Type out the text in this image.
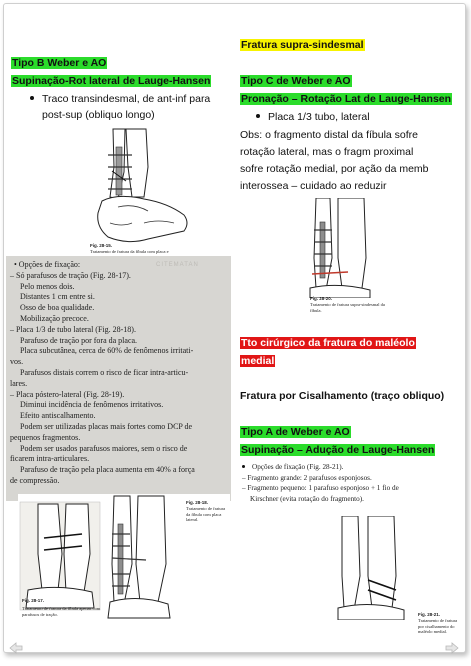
Tipo B Weber e AO
Supinação-Rot lateral de Lauge-Hansen
Traco transindesmal, de ant-inf para
post-sup (obliquo longo)
Fig. 28-15.
Tratamento de fratura da fíbula com placa e
CITEMATAN
• Opções de fixação:
– Só parafusos de tração (Fig. 28-17).
Pelo menos dois.
Distantes 1 cm entre si.
Osso de boa qualidade.
Mobilização precoce.
– Placa 1/3 de tubo lateral (Fig. 28-18).
Parafuso de tração por fora da placa.
Placa subcutânea, cerca de 60% de fenômenos irritati-
vos.
Parafusos distais correm o risco de ficar intra-articu-
lares.
– Placa póstero-lateral (Fig. 28-19).
Diminui incidência de fenômenos irritativos.
Efeito antiscalhamento.
Podem ser utilizadas placas mais fortes como DCP de
pequenos fragmentos.
Podem ser usados parafusos maiores, sem o risco de
ficarem intra-articulares.
Parafuso de tração pela placa aumenta em 40% a força
de compressão.
Fig. 28-18.
Tratamento de fratura da fíbula com placa lateral.
Fig. 28-17.
Tratamento de fratura da fíbula apenas com parafusos de tração.
Fratura supra-sindesmal
Tipo C de Weber e AO
Pronação – Rotação Lat de Lauge-Hansen
Placa 1/3 tubo, lateral
Obs: o fragmento distal da fíbula sofre
rotação lateral, mas o fragm proximal
sofre rotação medial, por ação da memb
interossea – cuidado ao reduzir
Fig. 28-20.
Tratamento de fratura supra-sindesmal da fíbula.
Tto cirúrgico da fratura do maléolo
medial
Fratura por Cisalhamento (traço obliquo)
Tipo A de Weber e AO
Supinação – Adução de Lauge-Hansen
Opções de fixação (Fig. 28-21).
– Fragmento grande: 2 parafusos esponjosos.
– Fragmento pequeno: 1 parafuso esponjoso + 1 fio de
Kirschner (evita rotação do fragmento).
Fig. 28-21.
Tratamento de fratura por cisalhamento do maléolo medial.
